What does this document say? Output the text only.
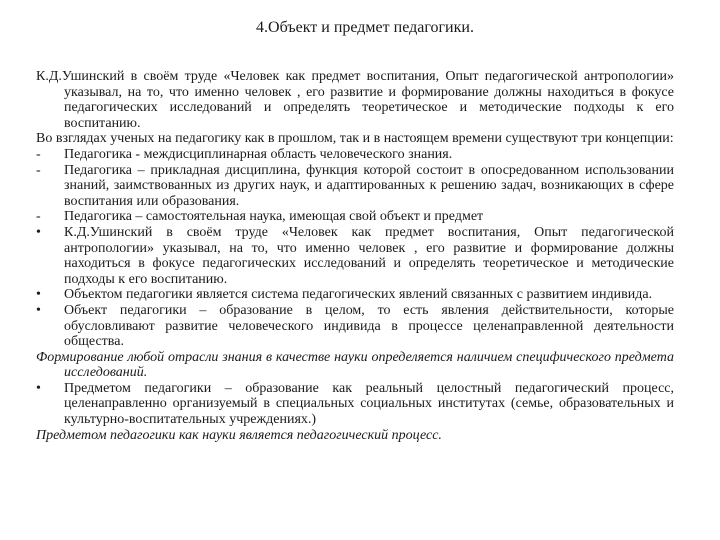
4.Объект и предмет педагогики.
К.Д.Ушинский в своём труде «Человек как предмет воспитания, Опыт педагогической антропологии» указывал, на то, что именно человек , его развитие и формирование должны находиться в фокусе педагогических исследований и определять теоретическое и методические подходы к его воспитанию.
Во взглядах ученых на педагогику как в прошлом, так и в настоящем времени существуют три концепции:
-	Педагогика - междисциплинарная область человеческого знания.
-	Педагогика – прикладная дисциплина, функция которой состоит в опосредованном использовании знаний, заимствованных из других наук, и адаптированных к решению задач, возникающих в сфере воспитания или образования.
-	Педагогика – самостоятельная наука, имеющая свой объект и предмет
•	К.Д.Ушинский в своём труде «Человек как предмет воспитания, Опыт педагогической антропологии» указывал, на то, что именно человек , его развитие и формирование должны находиться в фокусе педагогических исследований и определять теоретическое и методические подходы к его воспитанию.
•	Объектом педагогики является система педагогических явлений связанных с развитием индивида.
•	Объект педагогики – образование в целом, то есть явления действительности, которые обусловливают развитие человеческого индивида в процессе целенаправленной деятельности общества.
Формирование любой отрасли знания в качестве науки определяется наличием специфического предмета исследований.
•	Предметом педагогики – образование как реальный целостный педагогический процесс, целенаправленно организуемый в специальных социальных институтах (семье, образовательных и культурно-воспитательных учреждениях.)
Предметом педагогики как науки является педагогический процесс.
